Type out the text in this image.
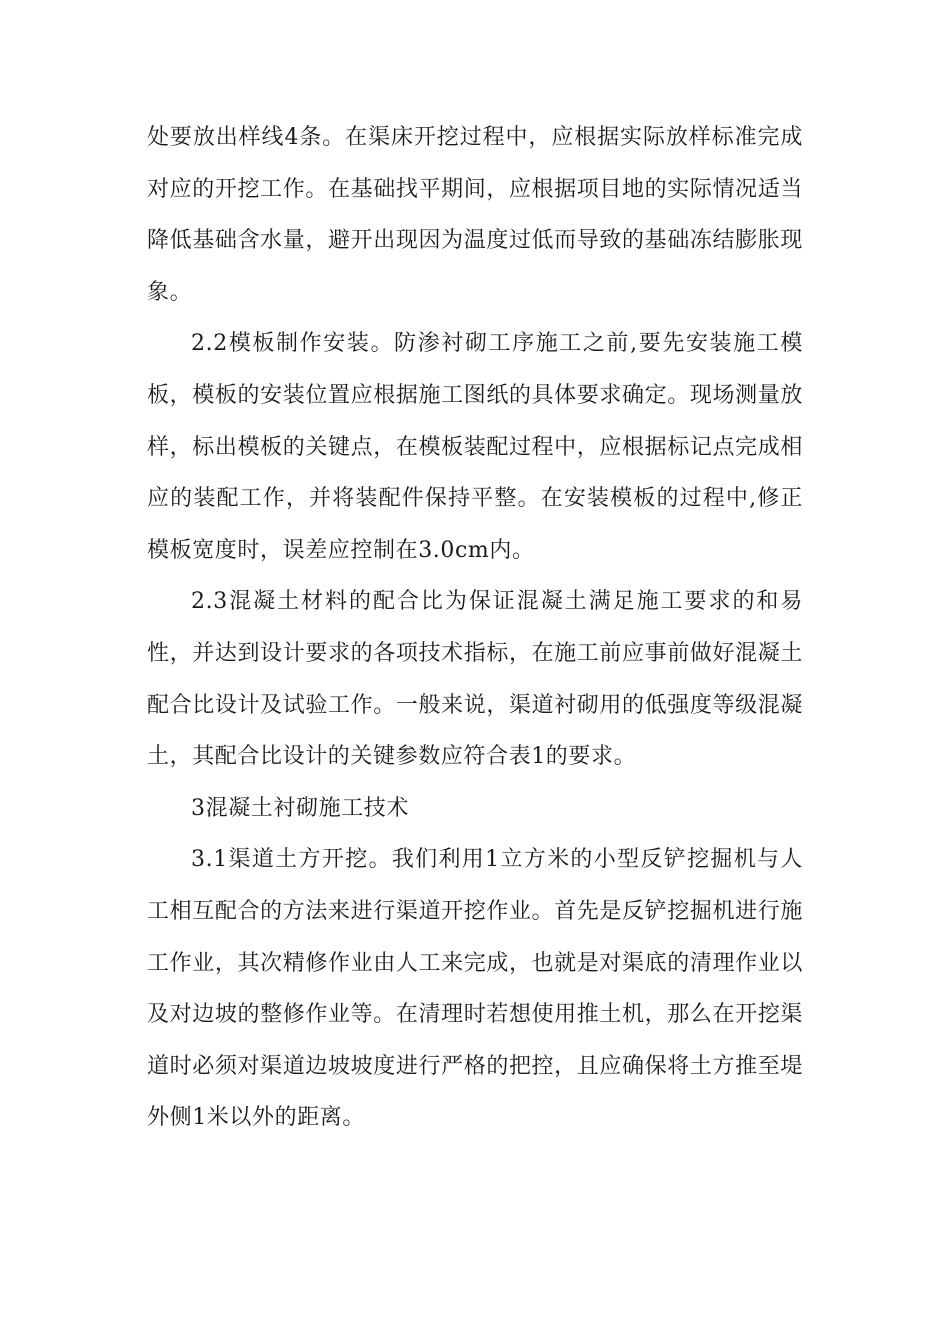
处要放出样线4条。在渠床开挖过程中，应根据实际放样标准完成对应的开挖工作。在基础找平期间，应根据项目地的实际情况适当降低基础含水量，避开出现因为温度过低而导致的基础冻结膨胀现象。

2.2模板制作安装。防渗衬砌工序施工之前,要先安装施工模板，模板的安装位置应根据施工图纸的具体要求确定。现场测量放样，标出模板的关键点，在模板装配过程中，应根据标记点完成相应的装配工作，并将装配件保持平整。在安装模板的过程中,修正模板宽度时，误差应控制在3.0cm内。

2.3混凝土材料的配合比为保证混凝土满足施工要求的和易性，并达到设计要求的各项技术指标，在施工前应事前做好混凝土配合比设计及试验工作。一般来说，渠道衬砌用的低强度等级混凝土，其配合比设计的关键参数应符合表1的要求。

3混凝土衬砌施工技术

3.1渠道土方开挖。我们利用1立方米的小型反铲挖掘机与人工相互配合的方法来进行渠道开挖作业。首先是反铲挖掘机进行施工作业，其次精修作业由人工来完成，也就是对渠底的清理作业以及对边坡的整修作业等。在清理时若想使用推土机，那么在开挖渠道时必须对渠道边坡坡度进行严格的把控，且应确保将土方推至堤外侧1米以外的距离。
